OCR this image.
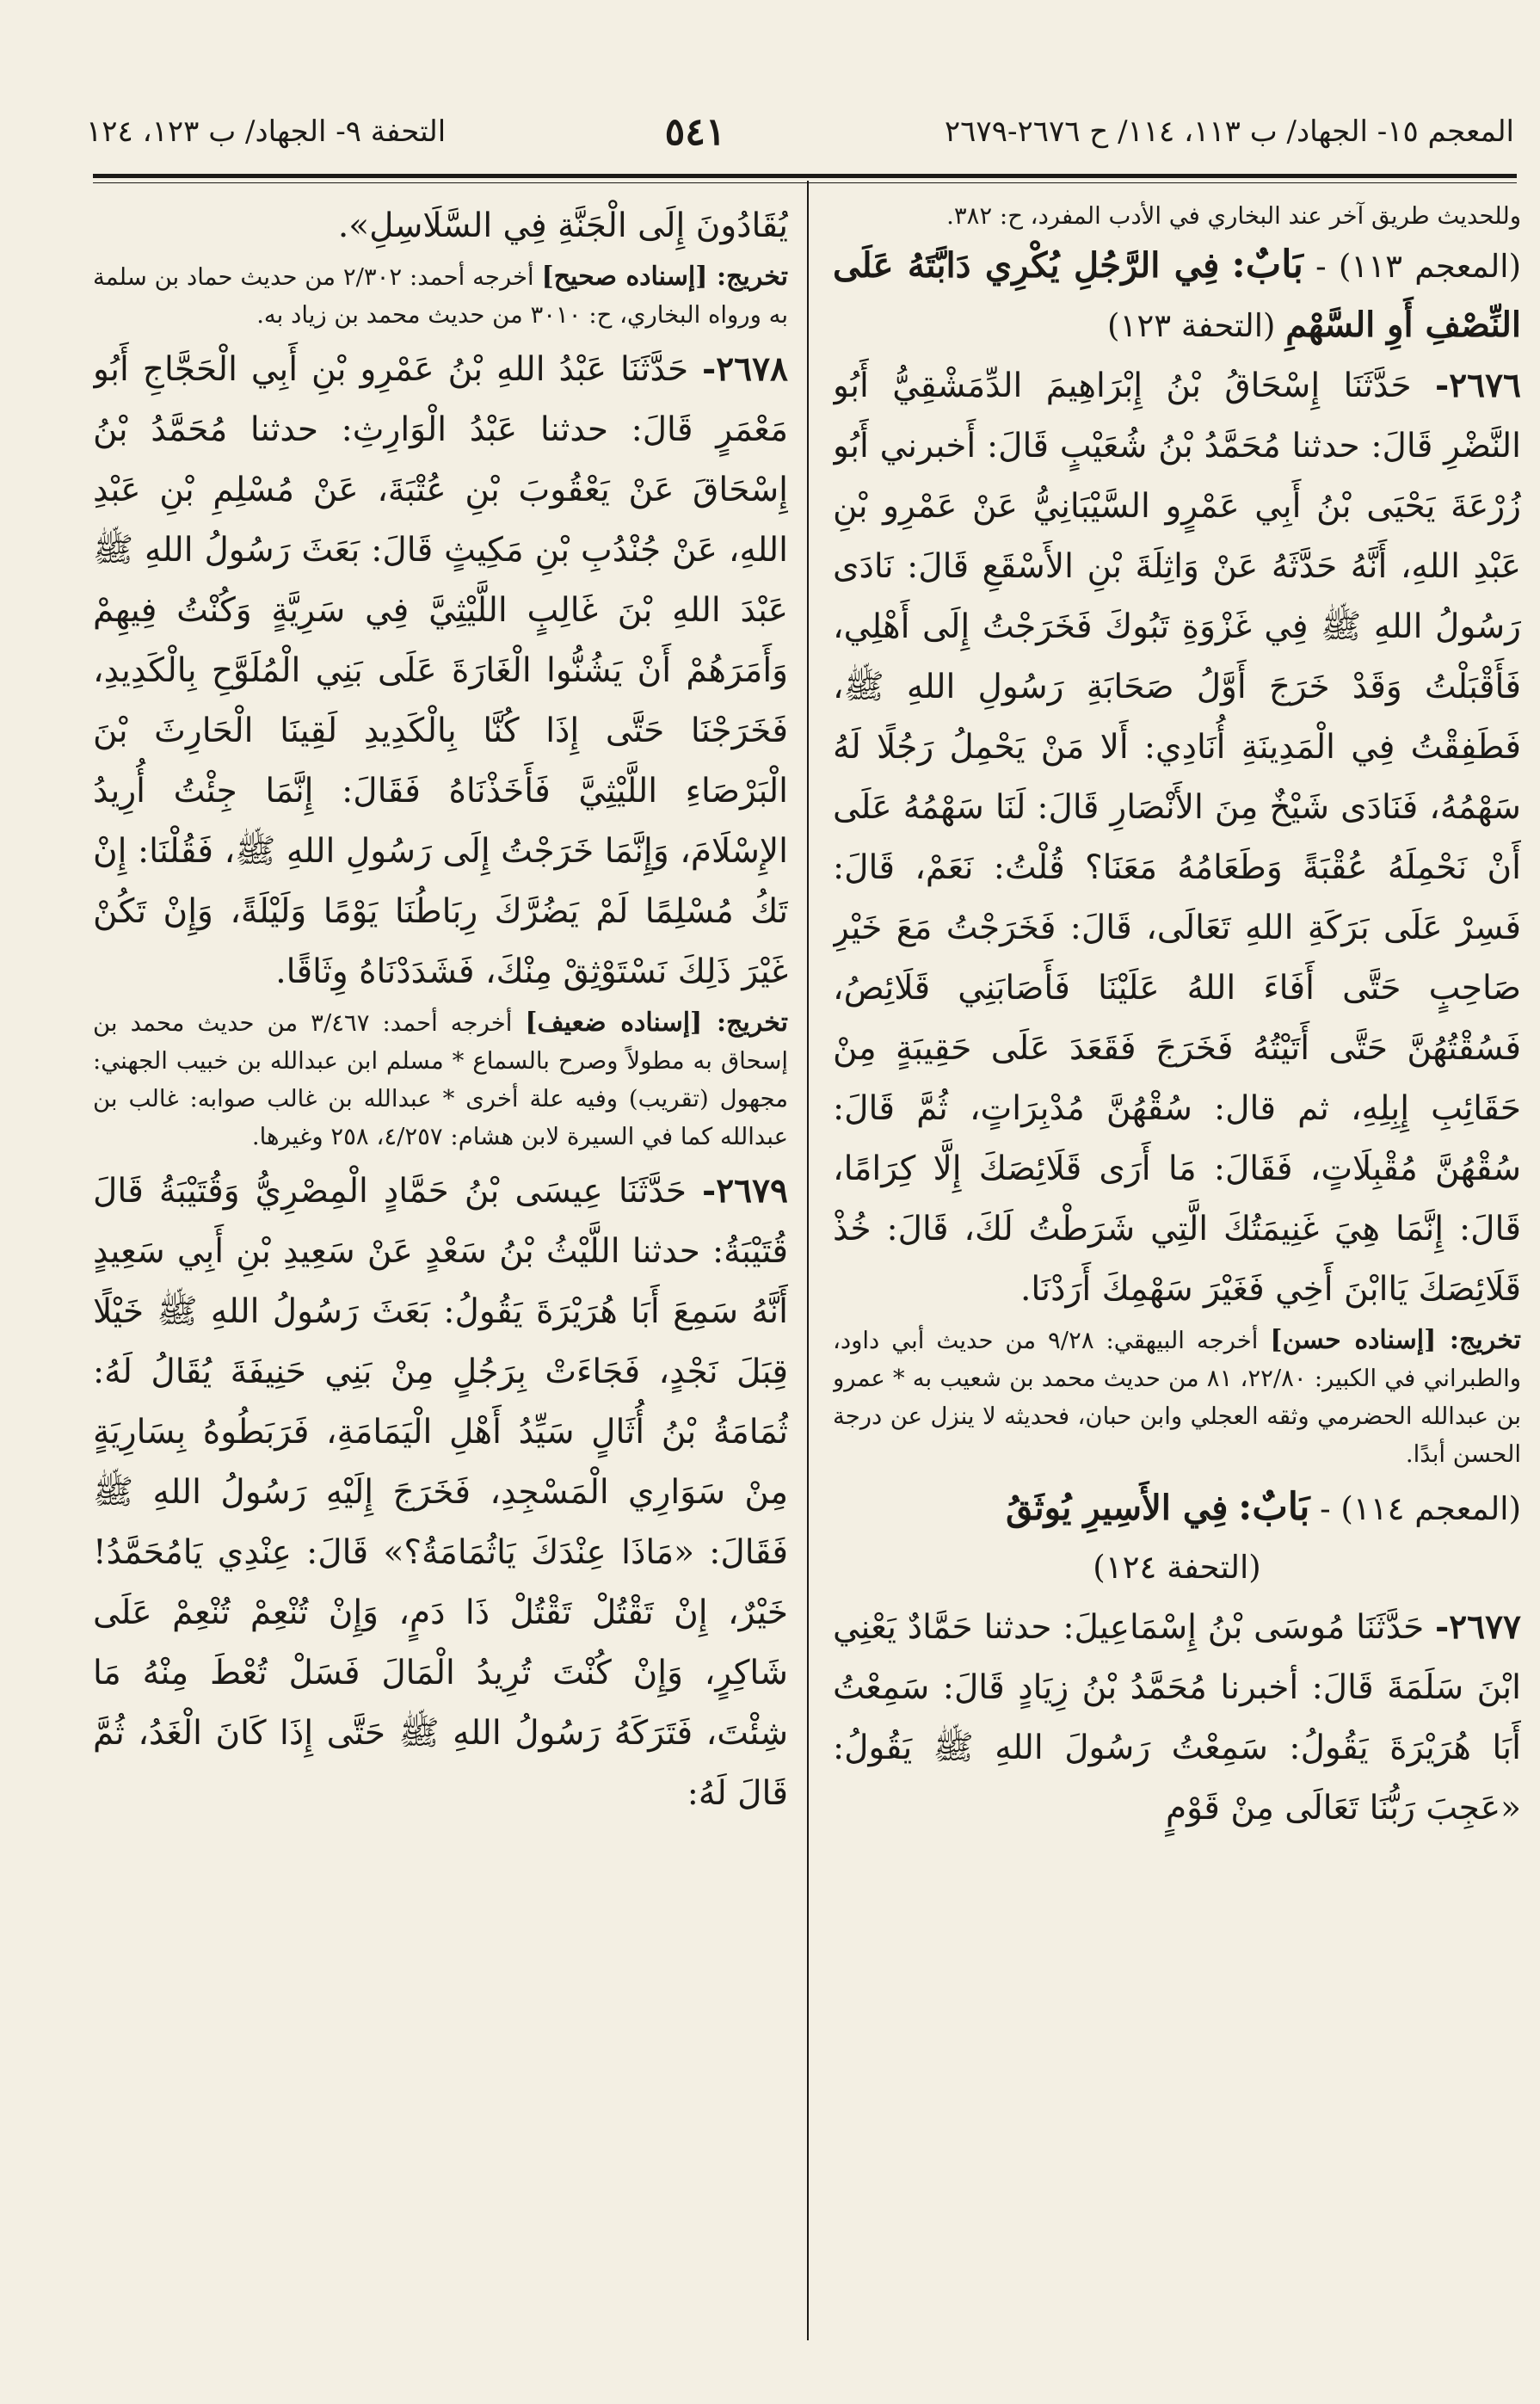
المعجم ١٥- الجهاد/ ب ١١٣، ١١٤/ ح ٢٦٧٦-٢٦٧٩
٥٤١
التحفة ٩- الجهاد/ ب ١٢٣، ١٢٤

وللحديث طريق آخر عند البخاري في الأدب المفرد، ح: ٣٨٢.

(المعجم ١١٣) - بَابٌ: فِي الرَّجُلِ يُكْرِي دَابَّتَهُ عَلَى النِّصْفِ أَوِ السَّهْمِ (التحفة ١٢٣)

٢٦٧٦- حَدَّثَنَا إِسْحَاقُ بْنُ إِبْرَاهِيمَ الدِّمَشْقِيُّ أَبُو النَّضْرِ قَالَ: حدثنا مُحَمَّدُ بْنُ شُعَيْبٍ قَالَ: أَخبرني أَبُو زُرْعَةَ يَحْيَى بْنُ أَبِي عَمْرٍو السَّيْبَانِيُّ عَنْ عَمْرِو بْنِ عَبْدِ اللهِ، أَنَّهُ حَدَّثَهُ عَنْ وَاثِلَةَ بْنِ الأَسْقَعِ قَالَ: نَادَى رَسُولُ اللهِ ﷺ فِي غَزْوَةِ تَبُوكَ فَخَرَجْتُ إِلَى أَهْلِي، فَأَقْبَلْتُ وَقَدْ خَرَجَ أَوَّلُ صَحَابَةِ رَسُولِ اللهِ ﷺ، فَطَفِقْتُ فِي الْمَدِينَةِ أُنَادِي: أَلا مَنْ يَحْمِلُ رَجُلًا لَهُ سَهْمُهُ، فَنَادَى شَيْخٌ مِنَ الأَنْصَارِ قَالَ: لَنَا سَهْمُهُ عَلَى أَنْ نَحْمِلَهُ عُقْبَةً وَطَعَامُهُ مَعَنَا؟ قُلْتُ: نَعَمْ، قَالَ: فَسِرْ عَلَى بَرَكَةِ اللهِ تَعَالَى، قَالَ: فَخَرَجْتُ مَعَ خَيْرِ صَاحِبٍ حَتَّى أَفَاءَ اللهُ عَلَيْنَا فَأَصَابَنِي قَلَائِصُ، فَسُقْتُهُنَّ حَتَّى أَتَيْتُهُ فَخَرَجَ فَقَعَدَ عَلَى حَقِيبَةٍ مِنْ حَقَائِبِ إِبِلِهِ، ثم قال: سُقْهُنَّ مُدْبِرَاتٍ، ثُمَّ قَالَ: سُقْهُنَّ مُقْبِلَاتٍ، فَقَالَ: مَا أَرَى قَلَائِصَكَ إِلَّا كِرَامًا، قَالَ: إِنَّمَا هِيَ غَنِيمَتُكَ الَّتِي شَرَطْتُ لَكَ، قَالَ: خُذْ قَلَائِصَكَ يَاابْنَ أَخِي فَغَيْرَ سَهْمِكَ أَرَدْنَا.

تخريج: [إسناده حسن] أخرجه البيهقي: ٩/٢٨ من حديث أبي داود، والطبراني في الكبير: ٢٢/٨٠، ٨١ من حديث محمد بن شعيب به * عمرو بن عبدالله الحضرمي وثقه العجلي وابن حبان، فحديثه لا ينزل عن درجة الحسن أبدًا.

(المعجم ١١٤) - بَابٌ: فِي الأَسِيرِ يُوثَقُ

(التحفة ١٢٤)

٢٦٧٧- حَدَّثَنَا مُوسَى بْنُ إِسْمَاعِيلَ: حدثنا حَمَّادٌ يَعْنِي ابْنَ سَلَمَةَ قَالَ: أخبرنا مُحَمَّدُ بْنُ زِيَادٍ قَالَ: سَمِعْتُ أَبَا هُرَيْرَةَ يَقُولُ: سَمِعْتُ رَسُولَ اللهِ ﷺ يَقُولُ: «عَجِبَ رَبُّنَا تَعَالَى مِنْ قَوْمٍ

يُقَادُونَ إِلَى الْجَنَّةِ فِي السَّلَاسِلِ».

تخريج: [إسناده صحيح] أخرجه أحمد: ٢/٣٠٢ من حديث حماد بن سلمة به ورواه البخاري، ح: ٣٠١٠ من حديث محمد بن زياد به.

٢٦٧٨- حَدَّثَنَا عَبْدُ اللهِ بْنُ عَمْرِو بْنِ أَبِي الْحَجَّاجِ أَبُو مَعْمَرٍ قَالَ: حدثنا عَبْدُ الْوَارِثِ: حدثنا مُحَمَّدُ بْنُ إِسْحَاقَ عَنْ يَعْقُوبَ بْنِ عُتْبَةَ، عَنْ مُسْلِمِ بْنِ عَبْدِ اللهِ، عَنْ جُنْدُبِ بْنِ مَكِيثٍ قَالَ: بَعَثَ رَسُولُ اللهِ ﷺ عَبْدَ اللهِ بْنَ غَالِبٍ اللَّيْثِيَّ فِي سَرِيَّةٍ وَكُنْتُ فِيهِمْ وَأَمَرَهُمْ أَنْ يَشُنُّوا الْغَارَةَ عَلَى بَنِي الْمُلَوَّحِ بِالْكَدِيدِ، فَخَرَجْنَا حَتَّى إِذَا كُنَّا بِالْكَدِيدِ لَقِينَا الْحَارِثَ بْنَ الْبَرْصَاءِ اللَّيْثِيَّ فَأَخَذْنَاهُ فَقَالَ: إِنَّمَا جِئْتُ أُرِيدُ الإِسْلَامَ، وَإِنَّمَا خَرَجْتُ إِلَى رَسُولِ اللهِ ﷺ، فَقُلْنَا: إِنْ تَكُ مُسْلِمًا لَمْ يَضُرَّكَ رِبَاطُنَا يَوْمًا وَلَيْلَةً، وَإِنْ تَكُنْ غَيْرَ ذَلِكَ نَسْتَوْثِقْ مِنْكَ، فَشَدَدْنَاهُ وِثَاقًا.

تخريج: [إسناده ضعيف] أخرجه أحمد: ٣/٤٦٧ من حديث محمد بن إسحاق به مطولاً وصرح بالسماع * مسلم ابن عبدالله بن خبيب الجهني: مجهول (تقريب) وفيه علة أخرى * عبدالله بن غالب صوابه: غالب بن عبدالله كما في السيرة لابن هشام: ٤/٢٥٧، ٢٥٨ وغيرها.

٢٦٧٩- حَدَّثَنَا عِيسَى بْنُ حَمَّادٍ الْمِصْرِيُّ وَقُتَيْبَةُ قَالَ قُتَيْبَةُ: حدثنا اللَّيْثُ بْنُ سَعْدٍ عَنْ سَعِيدِ بْنِ أَبِي سَعِيدٍ أَنَّهُ سَمِعَ أَبَا هُرَيْرَةَ يَقُولُ: بَعَثَ رَسُولُ اللهِ ﷺ خَيْلًا قِبَلَ نَجْدٍ، فَجَاءَتْ بِرَجُلٍ مِنْ بَنِي حَنِيفَةَ يُقَالُ لَهُ: ثُمَامَةُ بْنُ أُثَالٍ سَيِّدُ أَهْلِ الْيَمَامَةِ، فَرَبَطُوهُ بِسَارِيَةٍ مِنْ سَوَارِي الْمَسْجِدِ، فَخَرَجَ إِلَيْهِ رَسُولُ اللهِ ﷺ فَقَالَ: «مَاذَا عِنْدَكَ يَاثُمَامَةُ؟» قَالَ: عِنْدِي يَامُحَمَّدُ! خَيْرٌ، إِنْ تَقْتُلْ تَقْتُلْ ذَا دَمٍ، وَإِنْ تُنْعِمْ تُنْعِمْ عَلَى شَاكِرٍ، وَإِنْ كُنْتَ تُرِيدُ الْمَالَ فَسَلْ تُعْطَ مِنْهُ مَا شِئْتَ، فَتَرَكَهُ رَسُولُ اللهِ ﷺ حَتَّى إِذَا كَانَ الْغَدُ، ثُمَّ قَالَ لَهُ:
